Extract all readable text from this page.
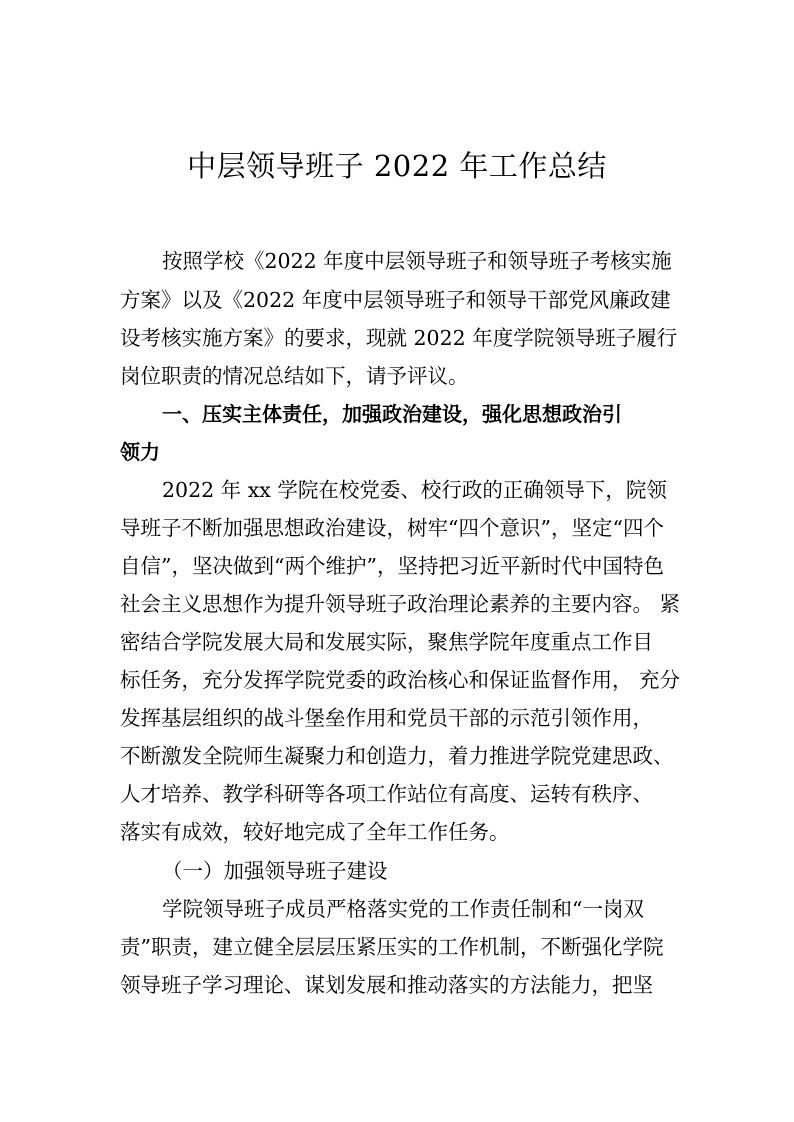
中层领导班子 2022 年工作总结
按照学校《2022 年度中层领导班子和领导班子考核实施
方案》以及《2022 年度中层领导班子和领导干部党风廉政建
设考核实施方案》的要求，现就 2022 年度学院领导班子履行
岗位职责的情况总结如下，请予评议。
一、压实主体责任，加强政治建设，强化思想政治引
领力
2022 年 xx 学院在校党委、校行政的正确领导下，院领
导班子不断加强思想政治建设，树牢“四个意识”，坚定“四个
自信”，坚决做到“两个维护”，坚持把习近平新时代中国特色
社会主义思想作为提升领导班子政治理论素养的主要内容。 紧
密结合学院发展大局和发展实际，聚焦学院年度重点工作目
标任务，充分发挥学院党委的政治核心和保证监督作用， 充分
发挥基层组织的战斗堡垒作用和党员干部的示范引领作用，
不断激发全院师生凝聚力和创造力，着力推进学院党建思政、
人才培养、教学科研等各项工作站位有高度、运转有秩序、
落实有成效，较好地完成了全年工作任务。
（一）加强领导班子建设
学院领导班子成员严格落实党的工作责任制和“一岗双
责”职责，建立健全层层压紧压实的工作机制，不断强化学院
领导班子学习理论、谋划发展和推动落实的方法能力，把坚
